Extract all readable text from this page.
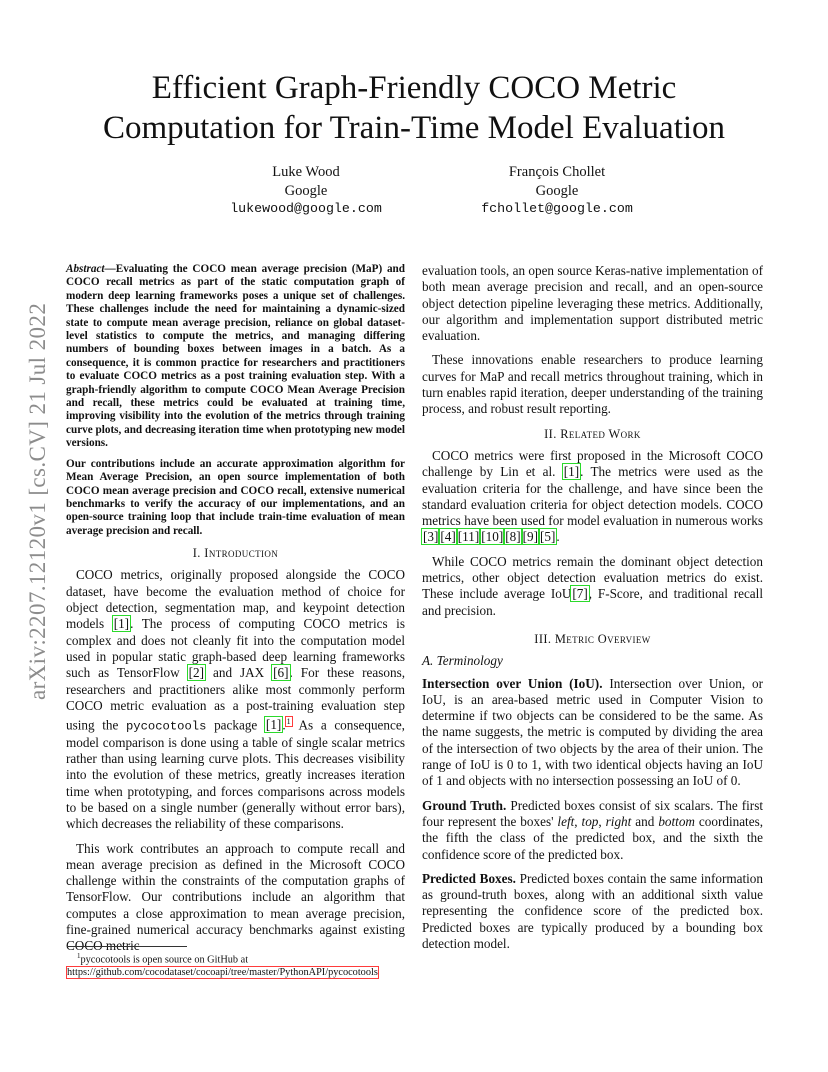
arXiv:2207.12120v1 [cs.CV] 21 Jul 2022
Efficient Graph-Friendly COCO Metric
Computation for Train-Time Model Evaluation
Luke Wood
Google
lukewood@google.com
François Chollet
Google
fchollet@google.com

Abstract—Evaluating the COCO mean average precision (MaP) and COCO recall metrics as part of the static computation graph of modern deep learning frameworks poses a unique set of challenges. These challenges include the need for maintaining a dynamic-sized state to compute mean average precision, reliance on global dataset-level statistics to compute the metrics, and managing differing numbers of bounding boxes between images in a batch. As a consequence, it is common practice for researchers and practitioners to evaluate COCO metrics as a post training evaluation step. With a graph-friendly algorithm to compute COCO Mean Average Precision and recall, these metrics could be evaluated at training time, improving visibility into the evolution of the metrics through training curve plots, and decreasing iteration time when prototyping new model versions.

Our contributions include an accurate approximation algorithm for Mean Average Precision, an open source implementation of both COCO mean average precision and COCO recall, extensive numerical benchmarks to verify the accuracy of our implementations, and an open-source training loop that include train-time evaluation of mean average precision and recall.

I. Introduction

COCO metrics, originally proposed alongside the COCO dataset, have become the evaluation method of choice for object detection, segmentation map, and keypoint detection models [1]. The process of computing COCO metrics is complex and does not cleanly fit into the computation model used in popular static graph-based deep learning frameworks such as TensorFlow [2] and JAX [6]. For these reasons, researchers and practitioners alike most commonly perform COCO metric evaluation as a post-training evaluation step using the pycocotools package [1].$^1$ As a consequence, model comparison is done using a table of single scalar metrics rather than using learning curve plots. This decreases visibility into the evolution of these metrics, greatly increases iteration time when prototyping, and forces comparisons across models to be based on a single number (generally without error bars), which decreases the reliability of these comparisons.

This work contributes an approach to compute recall and mean average precision as defined in the Microsoft COCO challenge within the constraints of the computation graphs of TensorFlow. Our contributions include an algorithm that computes a close approximation to mean average precision, fine-grained numerical accuracy benchmarks against existing COCO metric

$^1$pycocotools is open source on GitHub at
https://github.com/cocodataset/cocoapi/tree/master/PythonAPI/pycocotools

evaluation tools, an open source Keras-native implementation of both mean average precision and recall, and an open-source object detection pipeline leveraging these metrics. Additionally, our algorithm and implementation support distributed metric evaluation.

These innovations enable researchers to produce learning curves for MaP and recall metrics throughout training, which in turn enables rapid iteration, deeper understanding of the training process, and robust result reporting.

II. Related Work

COCO metrics were first proposed in the Microsoft COCO challenge by Lin et al. [1]. The metrics were used as the evaluation criteria for the challenge, and have since been the standard evaluation criteria for object detection models. COCO metrics have been used for model evaluation in numerous works [3] [4] [11] [10] [8] [9] [5].

While COCO metrics remain the dominant object detection metrics, other object detection evaluation metrics do exist. These include average IoU[7], F-Score, and traditional recall and precision.

III. Metric Overview
A. Terminology

Intersection over Union (IoU). Intersection over Union, or IoU, is an area-based metric used in Computer Vision to determine if two objects can be considered to be the same. As the name suggests, the metric is computed by dividing the area of the intersection of two objects by the area of their union. The range of IoU is 0 to 1, with two identical objects having an IoU of 1 and objects with no intersection possessing an IoU of 0.

Ground Truth. Predicted boxes consist of six scalars. The first four represent the boxes' left, top, right and bottom coordinates, the fifth the class of the predicted box, and the sixth the confidence score of the predicted box.

Predicted Boxes. Predicted boxes contain the same information as ground-truth boxes, along with an additional sixth value representing the confidence score of the predicted box. Predicted boxes are typically produced by a bounding box detection model.
